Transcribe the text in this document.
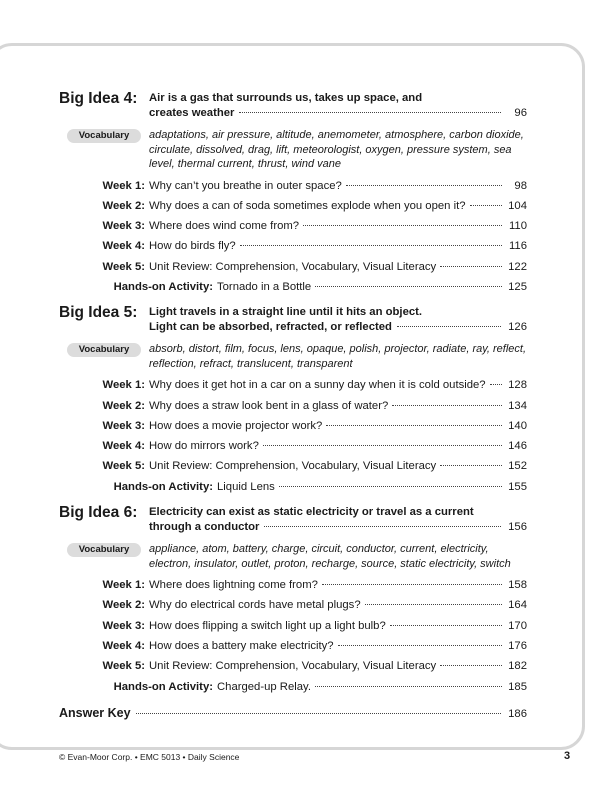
Big Idea 4:	Air is a gas that surrounds us, takes up space, and
creates weather	96
Vocabulary	adaptations, air pressure, altitude, anemometer, atmosphere, carbon dioxide, circulate, dissolved, drag, lift, meteorologist, oxygen, pressure system, sea level, thermal current, thrust, wind vane
Week 1: Why can’t you breathe in outer space?	98
Week 2: Why does a can of soda sometimes explode when you open it?	104
Week 3: Where does wind come from?	110
Week 4: How do birds fly?	116
Week 5: Unit Review: Comprehension, Vocabulary, Visual Literacy	122
Hands-on Activity: Tornado in a Bottle	125
Big Idea 5:	Light travels in a straight line until it hits an object.
Light can be absorbed, refracted, or reflected	126
Vocabulary	absorb, distort, film, focus, lens, opaque, polish, projector, radiate, ray, reflect, reflection, refract, translucent, transparent
Week 1: Why does it get hot in a car on a sunny day when it is cold outside? 128
Week 2: Why does a straw look bent in a glass of water?	134
Week 3: How does a movie projector work?	140
Week 4: How do mirrors work?	146
Week 5: Unit Review: Comprehension, Vocabulary, Visual Literacy	152
Hands-on Activity: Liquid Lens	155
Big Idea 6:	Electricity can exist as static electricity or travel as a current
through a conductor	156
Vocabulary	appliance, atom, battery, charge, circuit, conductor, current, electricity, electron, insulator, outlet, proton, recharge, source, static electricity, switch
Week 1: Where does lightning come from?	158
Week 2: Why do electrical cords have metal plugs?	164
Week 3: How does flipping a switch light up a light bulb?	170
Week 4: How does a battery make electricity?	176
Week 5: Unit Review: Comprehension, Vocabulary, Visual Literacy	182
Hands-on Activity: Charged-up Relay.	185
Answer Key	186
© Evan-Moor Corp. • EMC 5013 • Daily Science	3
